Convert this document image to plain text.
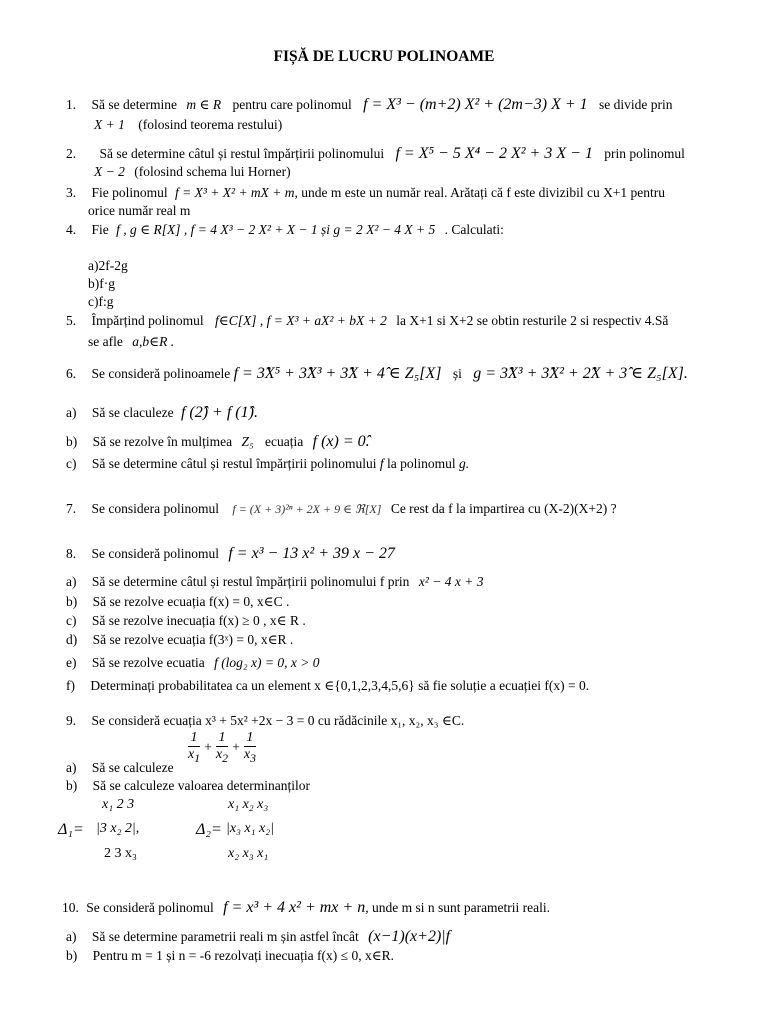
FIȘĂ DE LUCRU POLINOAME
1. Să se determine m ∈ R pentru care polinomul f = X³ − (m+2) X² + (2m−3) X + 1 se divide prin
X + 1 (folosind teorema restului)
2. Să se determine câtul și restul împărțirii polinomului f = X⁵ − 5 X⁴ − 2 X² + 3 X − 1 prin polinomul
X − 2 (folosind schema lui Horner)
3. Fie polinomul f = X³ + X² + mX + m, unde m este un număr real. Arătați că f este divizibil cu X+1 pentru
orice număr real m
4. Fie f , g ∈ R[X] , f = 4 X³ − 2 X² + X − 1 și g = 2 X² − 4 X + 5 . Calculati:
a)2f-2g
b)f·g
c)f:g
5. Împărțind polinomul f∈C[X] , f = X³ + aX² + bX + 2 la X+1 si X+2 se obtin resturile 2 si respectiv 4.Să
se afle a,b∈R .
6. Se consideră polinoamele f = 3̂X⁵ + 3̂X³ + 3̂X + 4̂ ∈ Z₅[X] și g = 3̂X³ + 3̂X² + 2̂X + 3̂ ∈ Z₅[X].
a) Să se claculeze f (2̂) + f (1̂).
b) Să se rezolve în mulțimea Z₅ ecuația f (x) = 0̂.
c) Să se determine câtul și restul împărțirii polinomului f la polinomul g.
7. Se considera polinomul f = (X + 3)²ⁿ + 2X + 9 ∈ ℜ[X] Ce rest da f la impartirea cu (X-2)(X+2) ?
8. Se consideră polinomul f = x³ − 13 x² + 39 x − 27
a) Să se determine câtul și restul împărțirii polinomului f prin x² − 4 x + 3
b) Să se rezolve ecuația f(x) = 0, x∈C .
c) Să se rezolve inecuația f(x) ≥ 0 , x∈ R .
d) Să se rezolve ecuația f(3ˣ) = 0, x∈R .
e) Să se rezolve ecuatia f (log₂ x) = 0, x > 0
f) Determinați probabilitatea ca un element x ∈{0,1,2,3,4,5,6} să fie soluție a ecuației f(x) = 0.
9. Se consideră ecuația x³ + 5x² +2x − 3 = 0 cu rădăcinile x₁, x₂, x₃ ∈C.
a) Să se calculeze
$\frac{1}{x_1} + \frac{1}{x_2} + \frac{1}{x_3}$
b) Să se calculeze valoarea determinanților
x₁ 2 3
Δ₁= |3 x₂ 2|,
2 3 x₃
x₁ x₂ x₃
Δ₂= |x₃ x₁ x₂|
x₂ x₃ x₁
10. Se consideră polinomul f = x³ + 4 x² + mx + n, unde m si n sunt parametrii reali.
a) Să se determine parametrii reali m șin astfel încât (x−1)(x+2)|f
b) Pentru m = 1 și n = -6 rezolvați inecuația f(x) ≤ 0, x∈R.
